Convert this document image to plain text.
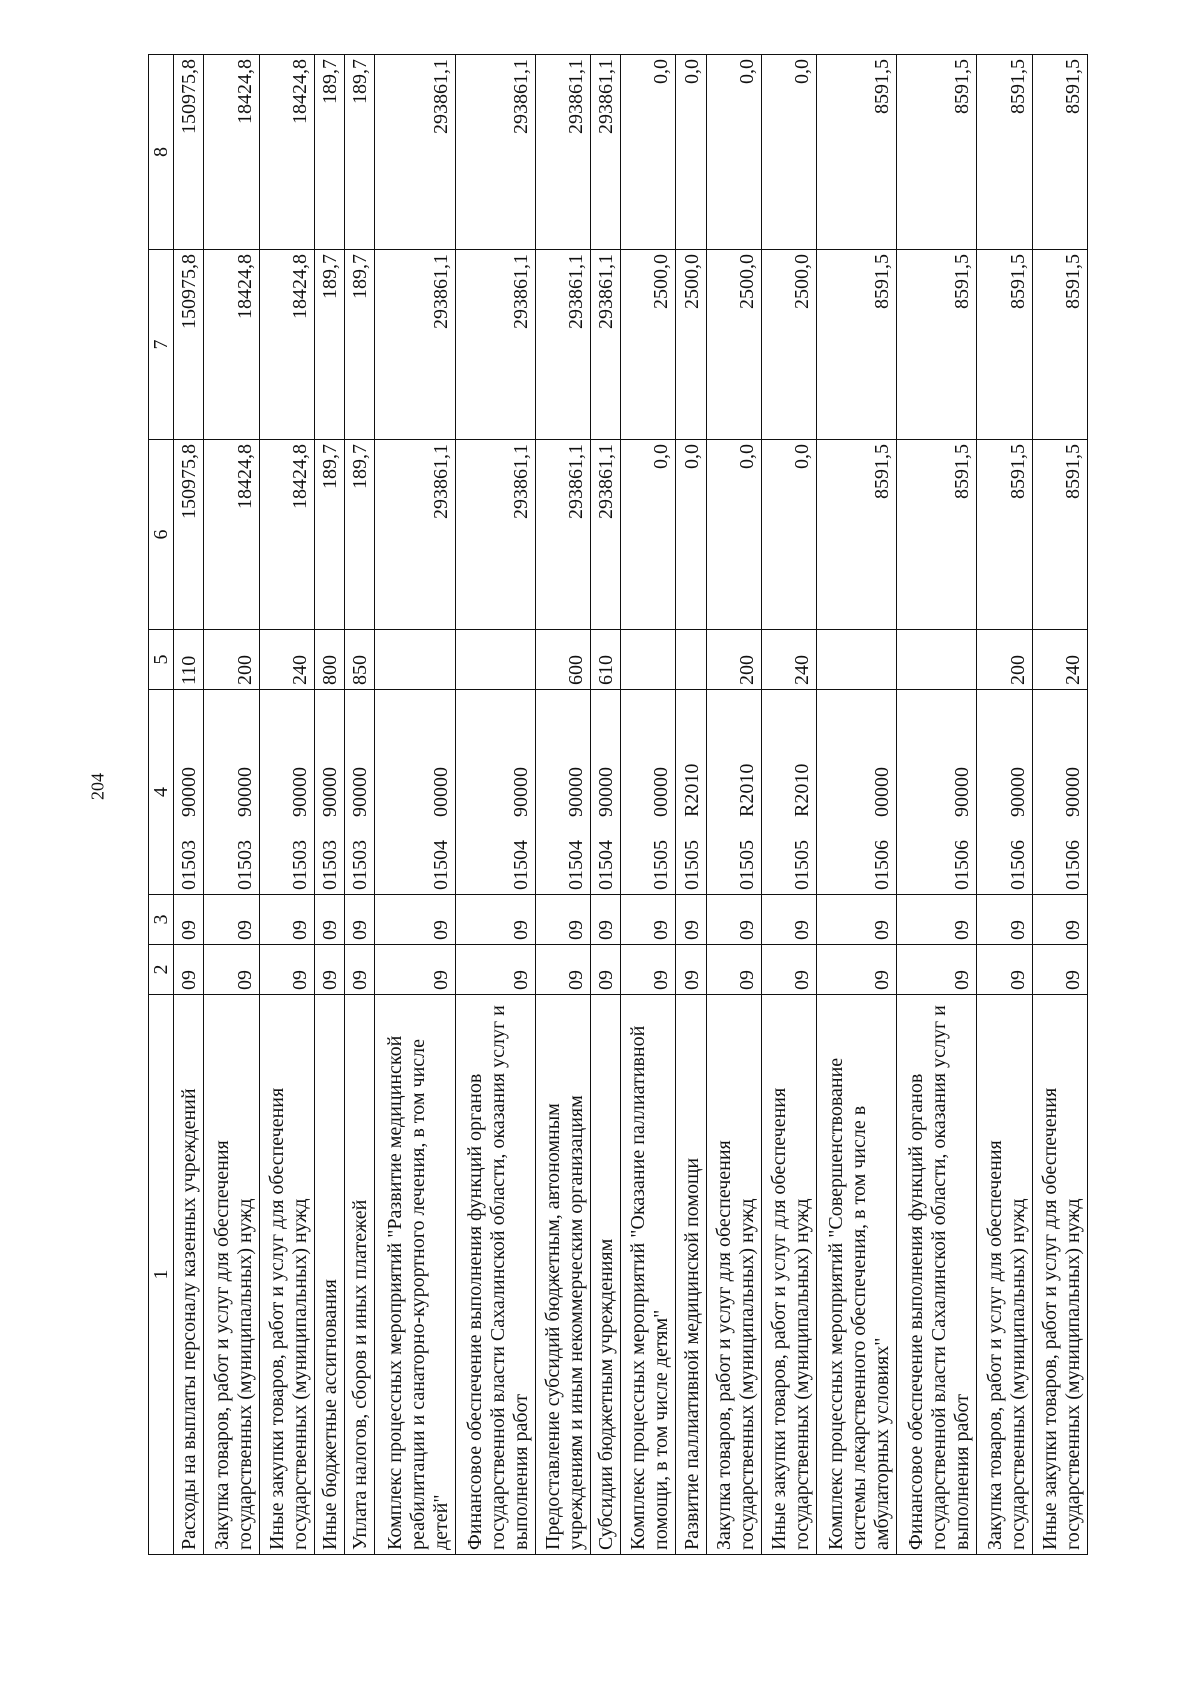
204
1	2	3	4	5	6	7	8
Расходы на выплаты персоналу казенных учреждений	09	09	01503 90000	110	150975,8	150975,8	150975,8
Закупка товаров, работ и услуг для обеспечения государственных (муниципальных) нужд	09	09	01503 90000	200	18424,8	18424,8	18424,8
Иные закупки товаров, работ и услуг для обеспечения государственных (муниципальных) нужд	09	09	01503 90000	240	18424,8	18424,8	18424,8
Иные бюджетные ассигнования	09	09	01503 90000	800	189,7	189,7	189,7
Уплата налогов, сборов и иных платежей	09	09	01503 90000	850	189,7	189,7	189,7
Комплекс процессных мероприятий "Развитие медицинской реабилитации и санаторно-курортного лечения, в том числе детей"	09	09	01504 00000		293861,1	293861,1	293861,1
Финансовое обеспечение выполнения функций органов государственной власти Сахалинской области, оказания услуг и выполнения работ	09	09	01504 90000		293861,1	293861,1	293861,1
Предоставление субсидий бюджетным, автономным учреждениям и иным некоммерческим организациям	09	09	01504 90000	600	293861,1	293861,1	293861,1
Субсидии бюджетным учреждениям	09	09	01504 90000	610	293861,1	293861,1	293861,1
Комплекс процессных мероприятий "Оказание паллиативной помощи, в том числе детям"	09	09	01505 00000		0,0	2500,0	0,0
Развитие паллиативной медицинской помощи	09	09	01505 R2010		0,0	2500,0	0,0
Закупка товаров, работ и услуг для обеспечения государственных (муниципальных) нужд	09	09	01505 R2010	200	0,0	2500,0	0,0
Иные закупки товаров, работ и услуг для обеспечения государственных (муниципальных) нужд	09	09	01505 R2010	240	0,0	2500,0	0,0
Комплекс процессных мероприятий "Совершенствование системы лекарственного обеспечения, в том числе в амбулаторных условиях"	09	09	01506 00000		8591,5	8591,5	8591,5
Финансовое обеспечение выполнения функций органов государственной власти Сахалинской области, оказания услуг и выполнения работ	09	09	01506 90000		8591,5	8591,5	8591,5
Закупка товаров, работ и услуг для обеспечения государственных (муниципальных) нужд	09	09	01506 90000	200	8591,5	8591,5	8591,5
Иные закупки товаров, работ и услуг для обеспечения государственных (муниципальных) нужд	09	09	01506 90000	240	8591,5	8591,5	8591,5
